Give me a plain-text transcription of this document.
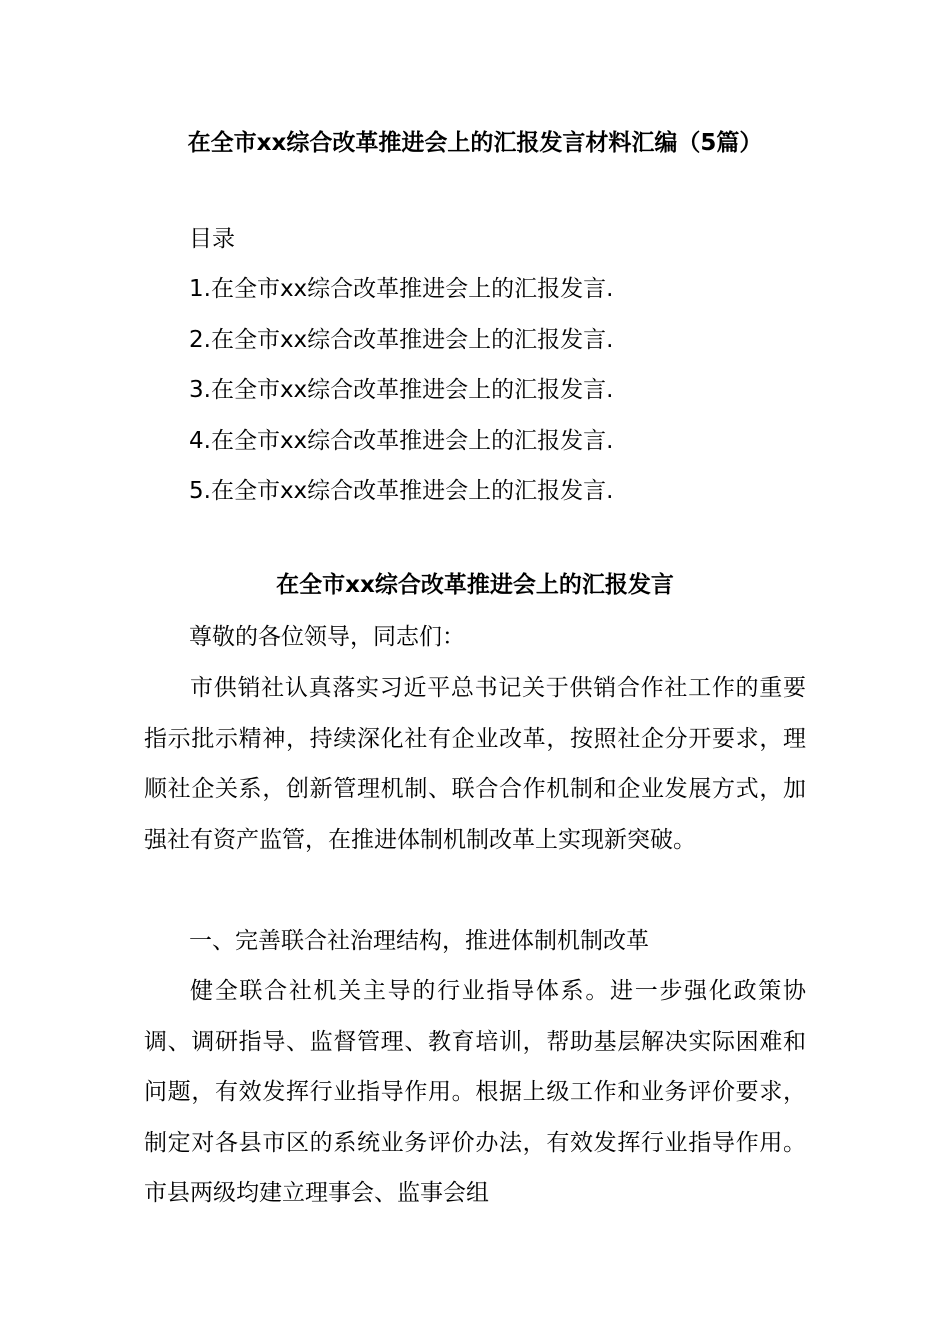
在全市xx综合改革推进会上的汇报发言材料汇编（5篇）
目录
1.在全市xx综合改革推进会上的汇报发言.
2.在全市xx综合改革推进会上的汇报发言.
3.在全市xx综合改革推进会上的汇报发言.
4.在全市xx综合改革推进会上的汇报发言.
5.在全市xx综合改革推进会上的汇报发言.
在全市xx综合改革推进会上的汇报发言
尊敬的各位领导，同志们：
市供销社认真落实习近平总书记关于供销合作社工作的重要指示批示精神，持续深化社有企业改革，按照社企分开要求，理顺社企关系，创新管理机制、联合合作机制和企业发展方式，加强社有资产监管，在推进体制机制改革上实现新突破。
一、完善联合社治理结构，推进体制机制改革
健全联合社机关主导的行业指导体系。进一步强化政策协调、调研指导、监督管理、教育培训，帮助基层解决实际困难和问题，有效发挥行业指导作用。根据上级工作和业务评价要求，制定对各县市区的系统业务评价办法，有效发挥行业指导作用。市县两级均建立理事会、监事会组
